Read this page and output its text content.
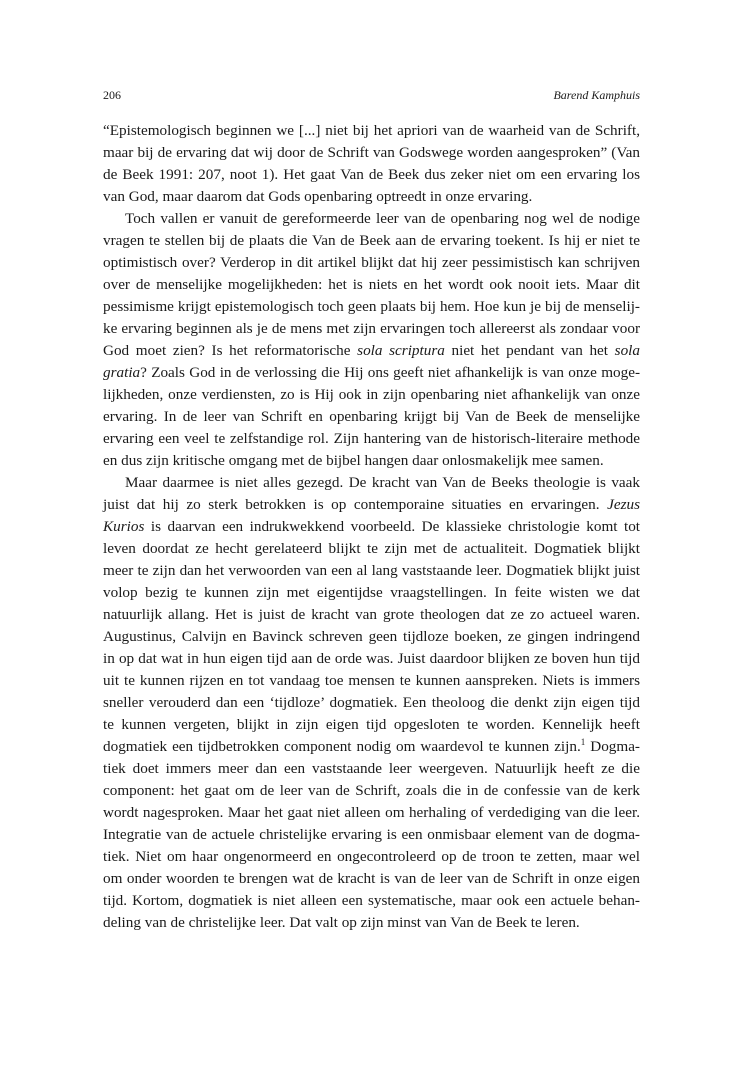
206	Barend Kamphuis
“Epistemologisch beginnen we [...] niet bij het apriori van de waarheid van de Schrift,
maar bij de ervaring dat wij door de Schrift van Godswege worden aangesproken” (Van
de Beek 1991: 207, noot 1). Het gaat Van de Beek dus zeker niet om een ervaring los
van God, maar daarom dat Gods openbaring optreedt in onze ervaring.
Toch vallen er vanuit de gereformeerde leer van de openbaring nog wel de nodige
vragen te stellen bij de plaats die Van de Beek aan de ervaring toekent. Is hij er niet te
optimistisch over? Verderop in dit artikel blijkt dat hij zeer pessimistisch kan schrijven
over de menselijke mogelijkheden: het is niets en het wordt ook nooit iets. Maar dit
pessimisme krijgt epistemologisch toch geen plaats bij hem. Hoe kun je bij de menselij-
ke ervaring beginnen als je de mens met zijn ervaringen toch allereerst als zondaar voor
God moet zien? Is het reformatorische sola scriptura niet het pendant van het sola
gratia? Zoals God in de verlossing die Hij ons geeft niet afhankelijk is van onze moge-
lijkheden, onze verdiensten, zo is Hij ook in zijn openbaring niet afhankelijk van onze
ervaring. In de leer van Schrift en openbaring krijgt bij Van de Beek de menselijke
ervaring een veel te zelfstandige rol. Zijn hantering van de historisch-literaire methode
en dus zijn kritische omgang met de bijbel hangen daar onlosmakelijk mee samen.
Maar daarmee is niet alles gezegd. De kracht van Van de Beeks theologie is vaak
juist dat hij zo sterk betrokken is op contemporaine situaties en ervaringen. Jezus
Kurios is daarvan een indrukwekkend voorbeeld. De klassieke christologie komt tot
leven doordat ze hecht gerelateerd blijkt te zijn met de actualiteit. Dogmatiek blijkt
meer te zijn dan het verwoorden van een al lang vaststaande leer. Dogmatiek blijkt juist
volop bezig te kunnen zijn met eigentijdse vraagstellingen. In feite wisten we dat
natuurlijk allang. Het is juist de kracht van grote theologen dat ze zo actueel waren.
Augustinus, Calvijn en Bavinck schreven geen tijdloze boeken, ze gingen indringend
in op dat wat in hun eigen tijd aan de orde was. Juist daardoor blijken ze boven hun tijd
uit te kunnen rijzen en tot vandaag toe mensen te kunnen aanspreken. Niets is immers
sneller verouderd dan een ‘tijdloze’ dogmatiek. Een theoloog die denkt zijn eigen tijd
te kunnen vergeten, blijkt in zijn eigen tijd opgesloten te worden. Kennelijk heeft
dogmatiek een tijdbetrokken component nodig om waardevol te kunnen zijn.$^1$ Dogma-
tiek doet immers meer dan een vaststaande leer weergeven. Natuurlijk heeft ze die
component: het gaat om de leer van de Schrift, zoals die in de confessie van de kerk
wordt nagesproken. Maar het gaat niet alleen om herhaling of verdediging van die leer.
Integratie van de actuele christelijke ervaring is een onmisbaar element van de dogma-
tiek. Niet om haar ongenormeerd en ongecontroleerd op de troon te zetten, maar wel
om onder woorden te brengen wat de kracht is van de leer van de Schrift in onze eigen
tijd. Kortom, dogmatiek is niet alleen een systematische, maar ook een actuele behan-
deling van de christelijke leer. Dat valt op zijn minst van Van de Beek te leren.
